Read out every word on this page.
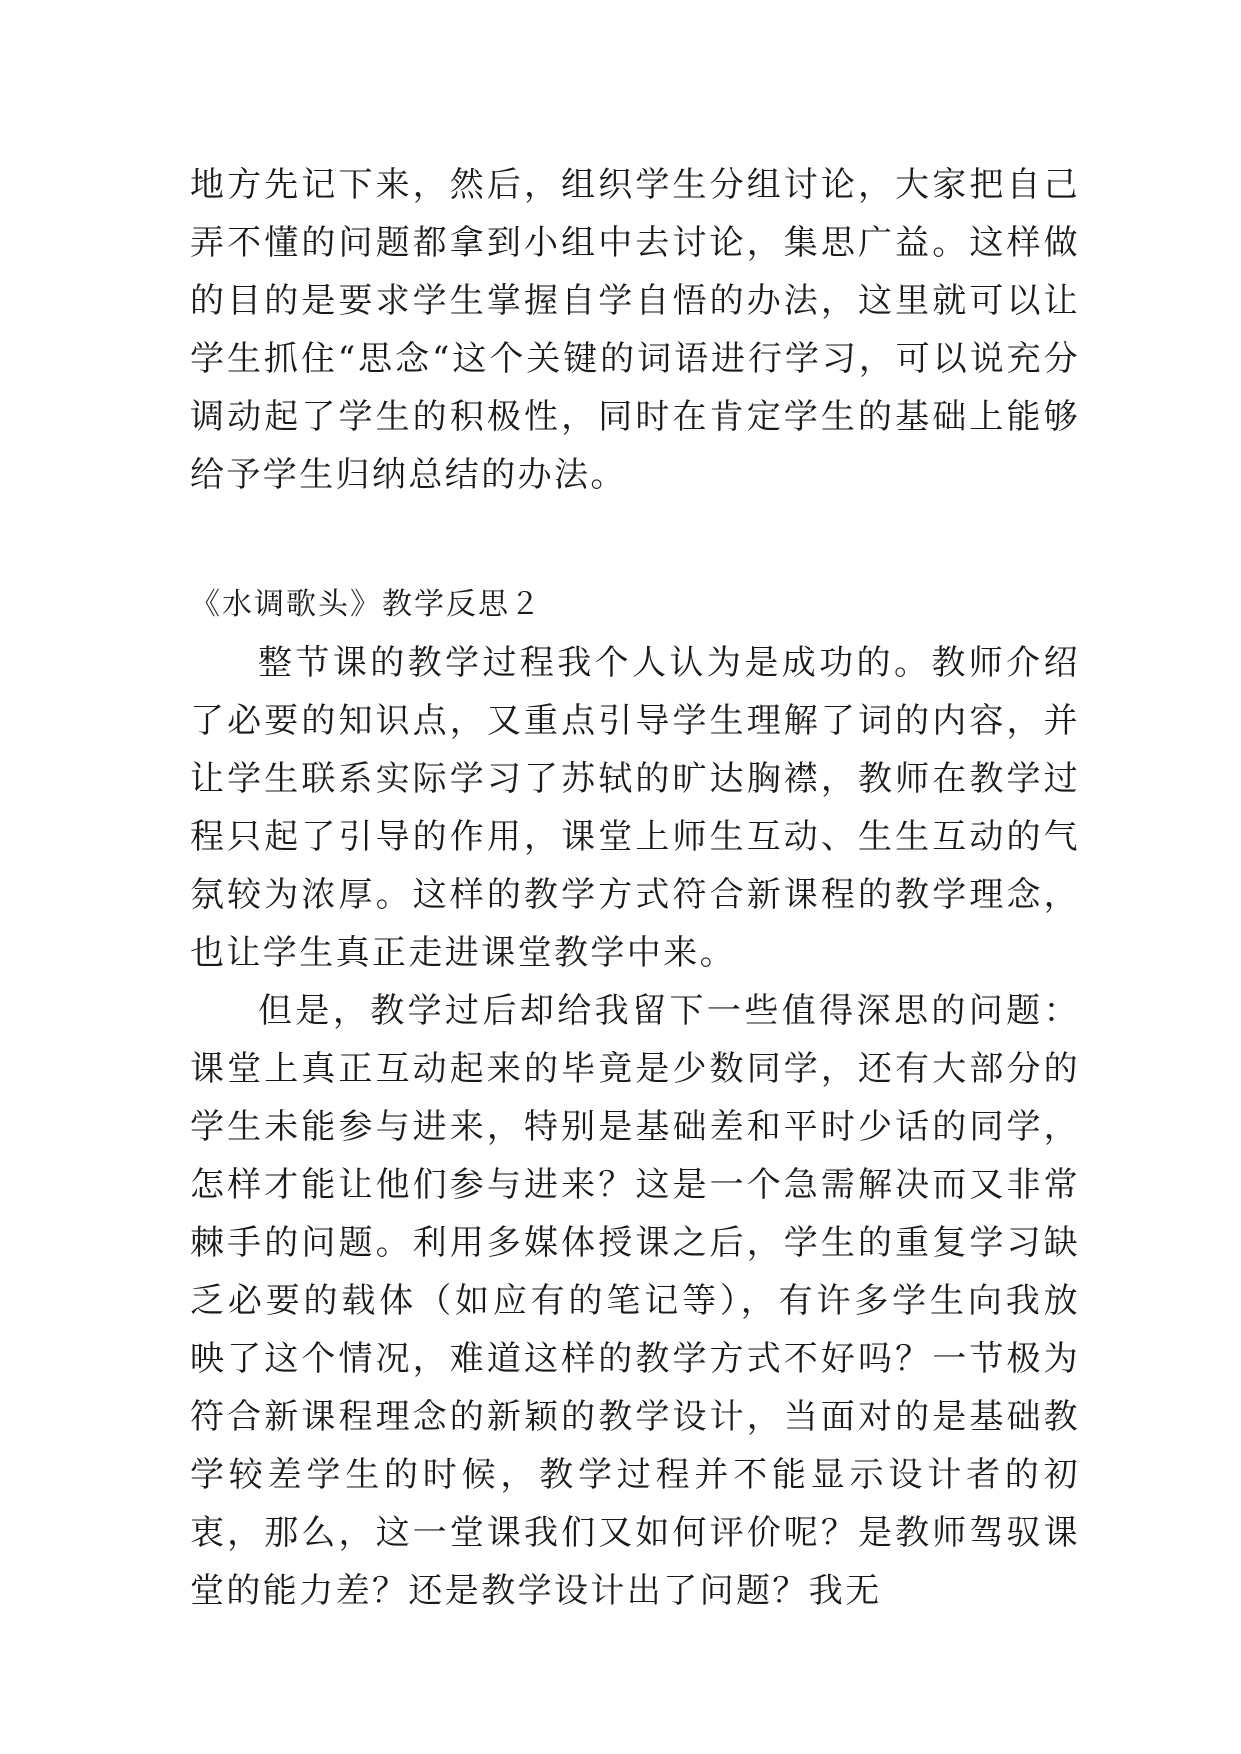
地方先记下来，然后，组织学生分组讨论，大家把自己弄不懂的问题都拿到小组中去讨论，集思广益。这样做的目的是要求学生掌握自学自悟的办法，这里就可以让学生抓住“思念“这个关键的词语进行学习，可以说充分调动起了学生的积极性，同时在肯定学生的基础上能够给予学生归纳总结的办法。

《水调歌头》教学反思２

整节课的教学过程我个人认为是成功的。教师介绍了必要的知识点，又重点引导学生理解了词的内容，并让学生联系实际学习了苏轼的旷达胸襟，教师在教学过程只起了引导的作用，课堂上师生互动、生生互动的气氛较为浓厚。这样的教学方式符合新课程的教学理念，也让学生真正走进课堂教学中来。

但是，教学过后却给我留下一些值得深思的问题：课堂上真正互动起来的毕竟是少数同学，还有大部分的学生未能参与进来，特别是基础差和平时少话的同学，怎样才能让他们参与进来？这是一个急需解决而又非常棘手的问题。利用多媒体授课之后，学生的重复学习缺乏必要的载体（如应有的笔记等），有许多学生向我放映了这个情况，难道这样的教学方式不好吗？一节极为符合新课程理念的新颖的教学设计，当面对的是基础教学较差学生的时候，教学过程并不能显示设计者的初衷，那么，这一堂课我们又如何评价呢？是教师驾驭课堂的能力差？还是教学设计出了问题？我无
